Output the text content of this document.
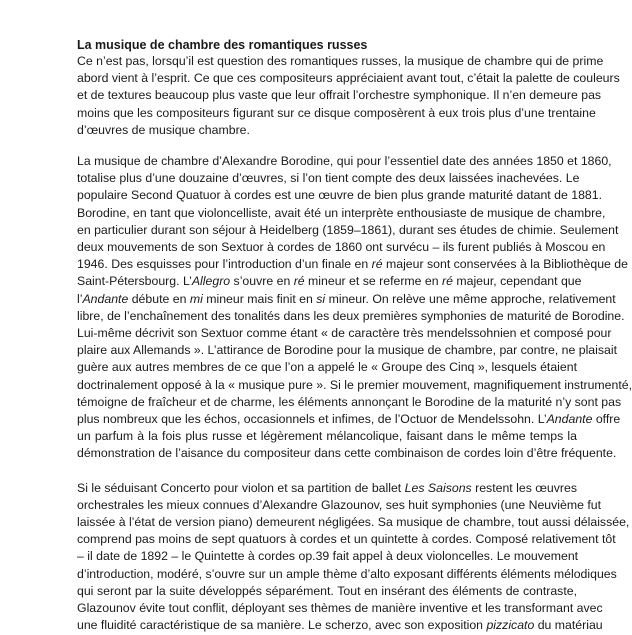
La musique de chambre des romantiques russes
Ce n’est pas, lorsqu’il est question des romantiques russes, la musique de chambre qui de prime
abord vient à l’esprit. Ce que ces compositeurs appréciaient avant tout, c’était la palette de couleurs
et de textures beaucoup plus vaste que leur offrait l’orchestre symphonique. Il n’en demeure pas
moins que les compositeurs figurant sur ce disque composèrent à eux trois plus d’une trentaine
d’œuvres de musique chambre.
La musique de chambre d’Alexandre Borodine, qui pour l’essentiel date des années 1850 et 1860,
totalise plus d’une douzaine d’œuvres, si l’on tient compte des deux laissées inachevées. Le
populaire Second Quatuor à cordes est une œuvre de bien plus grande maturité datant de 1881.
Borodine, en tant que violoncelliste, avait été un interprète enthousiaste de musique de chambre,
en particulier durant son séjour à Heidelberg (1859–1861), durant ses études de chimie. Seulement
deux mouvements de son Sextuor à cordes de 1860 ont survécu – ils furent publiés à Moscou en
1946. Des esquisses pour l’introduction d’un finale en ré majeur sont conservées à la Bibliothèque de
Saint-Pétersbourg. L’Allegro s’ouvre en ré mineur et se referme en ré majeur, cependant que
l’Andante débute en mi mineur mais finit en si mineur. On relève une même approche, relativement
libre, de l’enchaînement des tonalités dans les deux premières symphonies de maturité de Borodine.
Lui-même décrivit son Sextuor comme étant « de caractère très mendelssohnien et composé pour
plaire aux Allemands ». L’attirance de Borodine pour la musique de chambre, par contre, ne plaisait
guère aux autres membres de ce que l’on a appelé le « Groupe des Cinq », lesquels étaient
doctrinalement opposé à la « musique pure ». Si le premier mouvement, magnifiquement instrumenté,
témoigne de fraîcheur et de charme, les éléments annonçant le Borodine de la maturité n’y sont pas
plus nombreux que les échos, occasionnels et infimes, de l’Octuor de Mendelssohn. L’Andante offre
un parfum à la fois plus russe et légèrement mélancolique, faisant dans le même temps la
démonstration de l’aisance du compositeur dans cette combinaison de cordes loin d’être fréquente.
Si le séduisant Concerto pour violon et sa partition de ballet Les Saisons restent les œuvres
orchestrales les mieux connues d’Alexandre Glazounov, ses huit symphonies (une Neuvième fut
laissée à l’état de version piano) demeurent négligées. Sa musique de chambre, tout aussi délaissée,
comprend pas moins de sept quatuors à cordes et un quintette à cordes. Composé relativement tôt
– il date de 1892 – le Quintette à cordes op.39 fait appel à deux violoncelles. Le mouvement
d’introduction, modéré, s’ouvre sur un ample thème d’alto exposant différents éléments mélodiques
qui seront par la suite développés séparément. Tout en insérant des éléments de contraste,
Glazounov évite tout conflit, déployant ses thèmes de manière inventive et les transformant avec
une fluidité caractéristique de sa manière. Le scherzo, avec son exposition pizzicato du matériau
